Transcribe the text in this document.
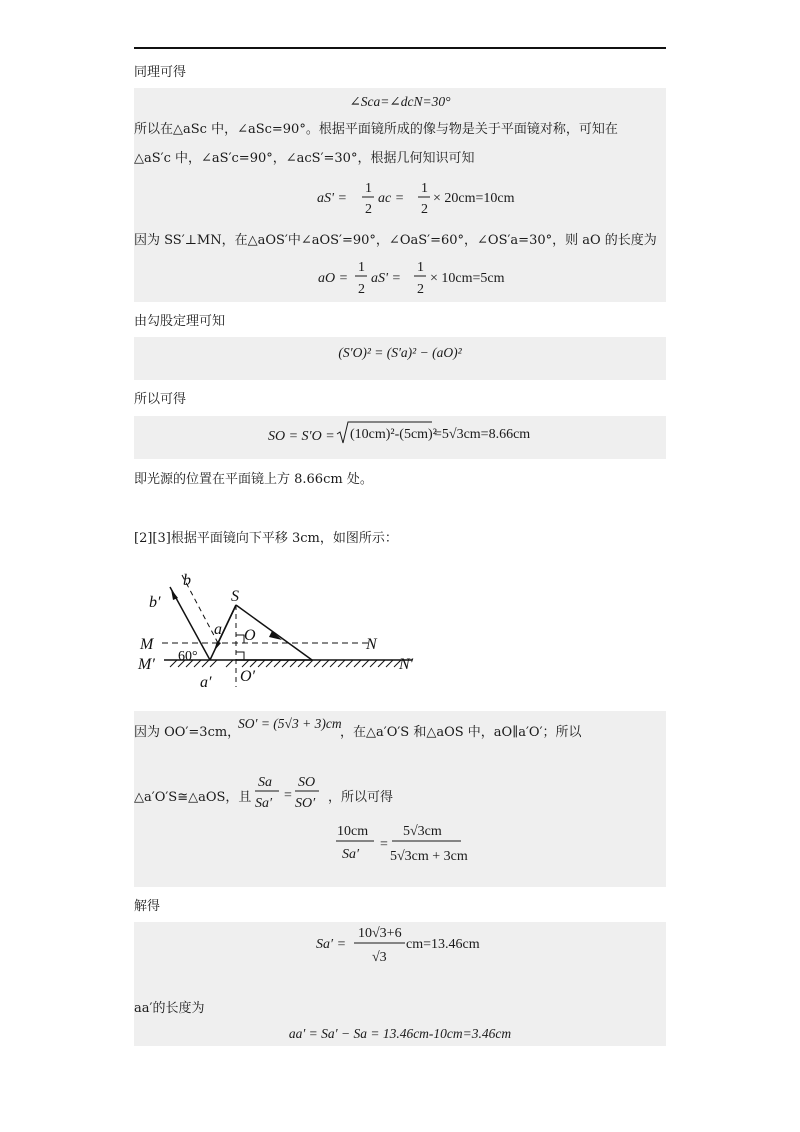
同理可得
∠Sca=∠dcN=30°
所以在△aSc 中，∠aSc=90°。根据平面镜所成的像与物是关于平面镜对称，可知在
△aS′c 中，∠aS′c=90°，∠acS′=30°，根据几何知识可知
aS' =
1
2
ac =
1
2
× 20cm=10cm
因为 SS′⊥MN，在△aOS′中∠aOS′=90°，∠OaS′=60°，∠OS′a=30°，则 aO 的长度为
aO =
1
2
aS' =
1
2
× 10cm=5cm
由勾股定理可知
(S′O)² = (S′a)² − (aO)²
所以可得
SO = S′O = (10cm)²-(5cm)²
=5√3cm=8.66cm
即光源的位置在平面镜上方 8.66cm 处。
[2][3]根据平面镜向下平移 3cm，如图所示：
b
b′	S
O
a
M	N
M′	N′
a′ O′
60°
因为 OO′=3cm，
SO′ = (5√3 + 3)cm
，在△a′O′S 和△aOS 中，aO∥a′O′；所以
△a′O′S≅△aOS，且
Sa
Sa′
=
SO
SO′
10cm
Sa′
=
5√3cm
5√3cm + 3cm
，所以可得
解得
Sa′ =
10√3+6
√3
cm=13.46cm
aa′的长度为
aa′ = Sa′ − Sa = 13.46cm-10cm=3.46cm
